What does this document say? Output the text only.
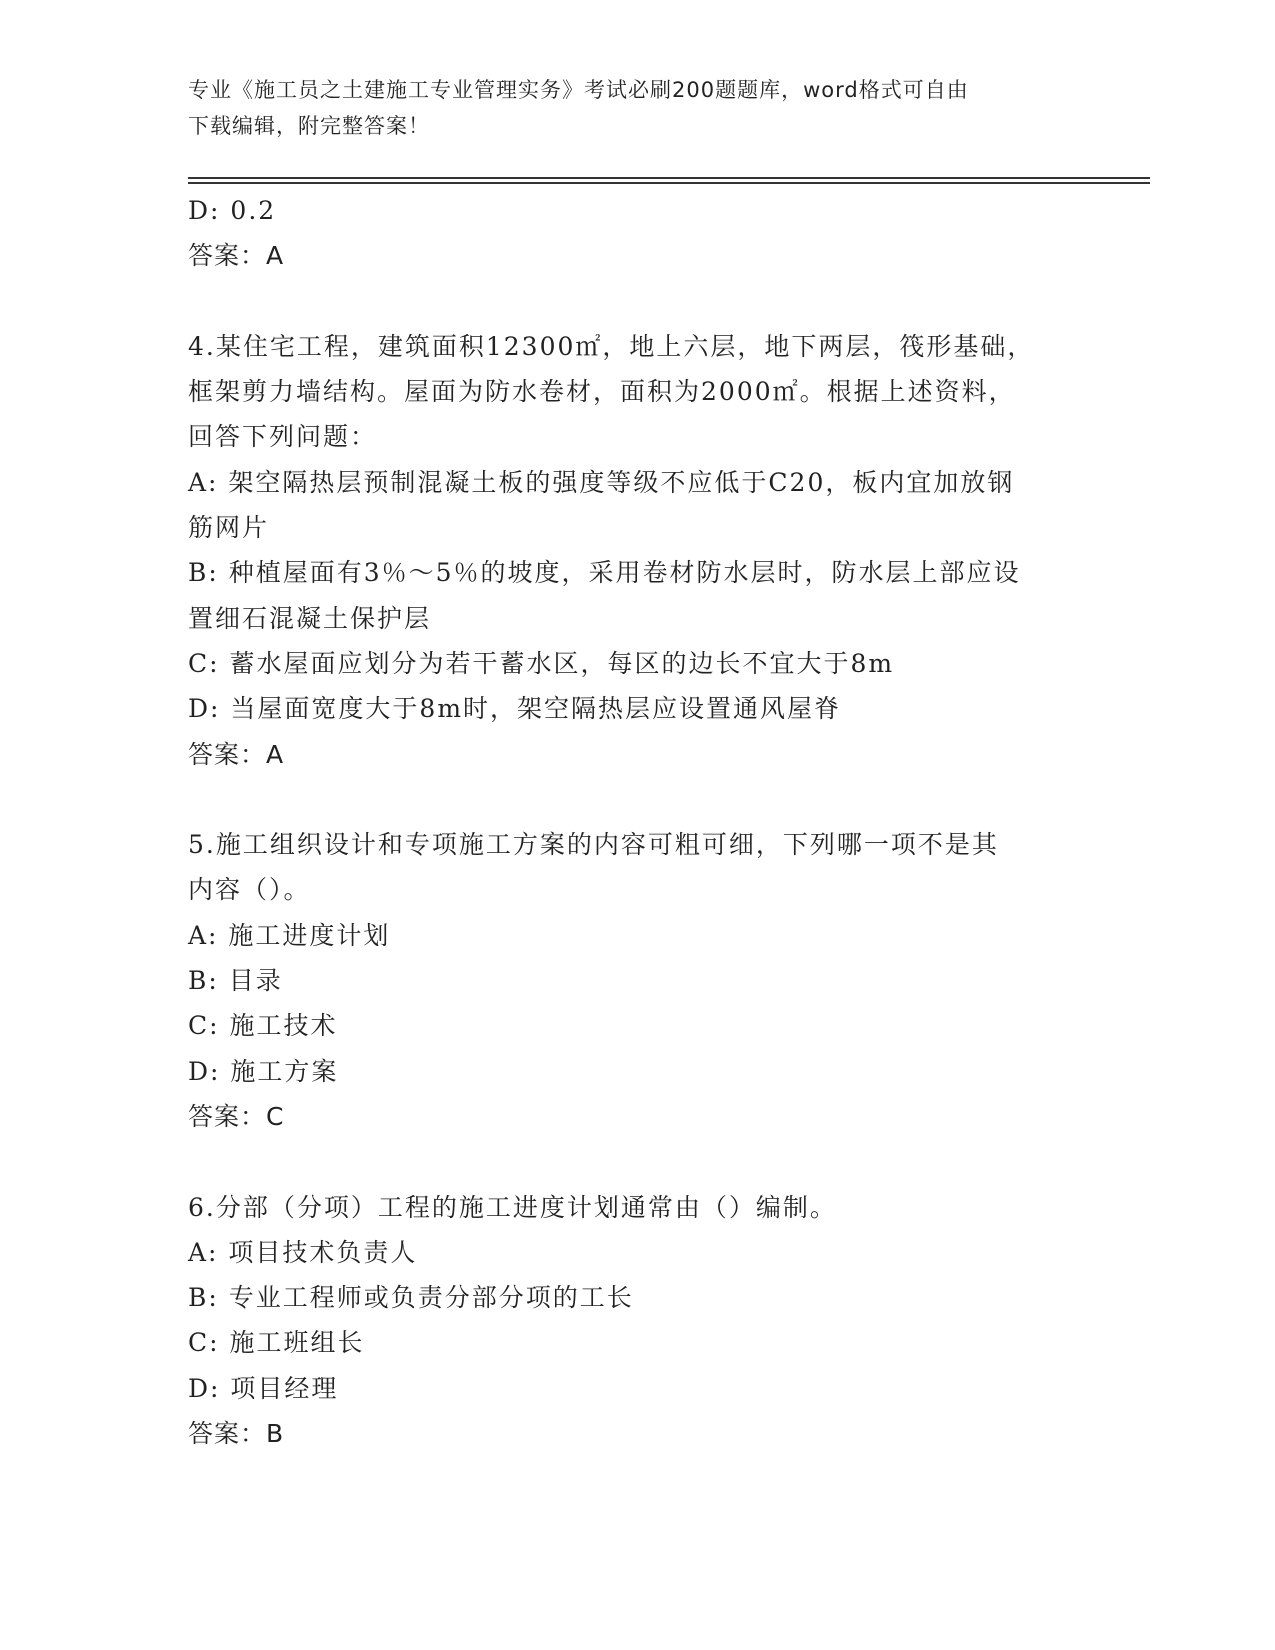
专业《施工员之土建施工专业管理实务》考试必刷200题题库，word格式可自由
下载编辑，附完整答案！
D: 0.2
答案：A
4.某住宅工程，建筑面积12300㎡，地上六层，地下两层，筏形基础，
框架剪力墙结构。屋面为防水卷材，面积为2000㎡。根据上述资料，
回答下列问题：
A: 架空隔热层预制混凝土板的强度等级不应低于C20，板内宜加放钢
筋网片
B: 种植屋面有3％～5％的坡度，采用卷材防水层时，防水层上部应设
置细石混凝土保护层
C: 蓄水屋面应划分为若干蓄水区，每区的边长不宜大于8m
D: 当屋面宽度大于8m时，架空隔热层应设置通风屋脊
答案：A
5.施工组织设计和专项施工方案的内容可粗可细，下列哪一项不是其
内容（）。
A: 施工进度计划
B: 目录
C: 施工技术
D: 施工方案
答案：C
6.分部（分项）工程的施工进度计划通常由（）编制。
A: 项目技术负责人
B: 专业工程师或负责分部分项的工长
C: 施工班组长
D: 项目经理
答案：B
